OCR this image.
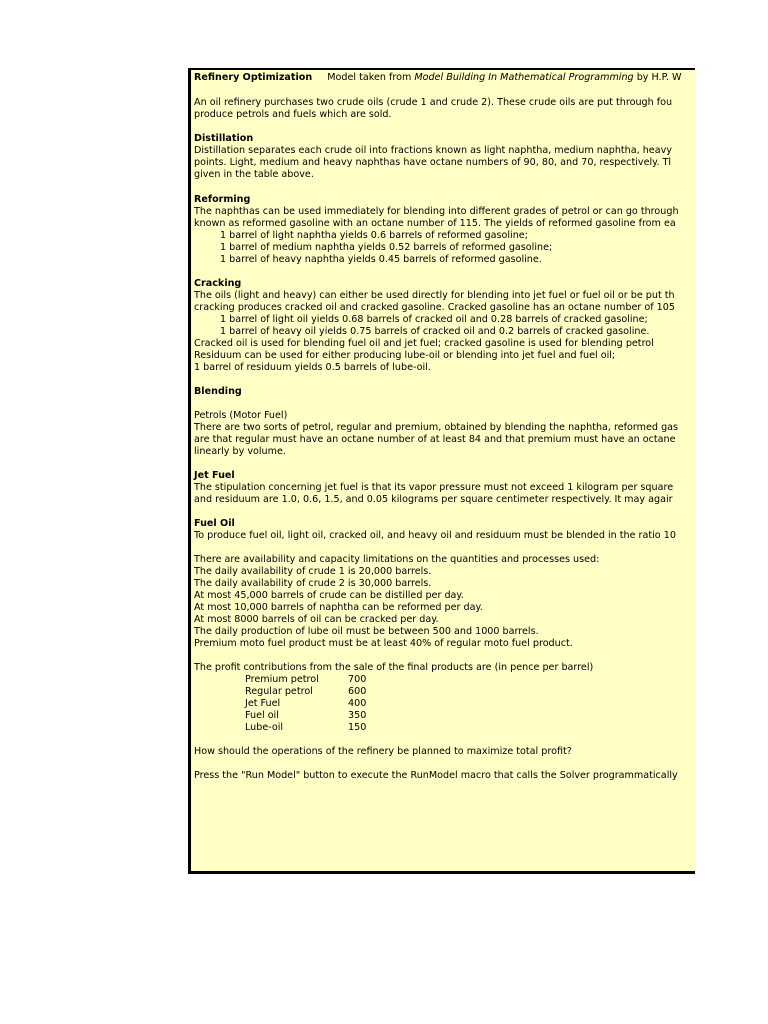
Refinery Optimization Model taken from Model Building In Mathematical Programming by H.P. W
An oil refinery purchases two crude oils (crude 1 and crude 2). These crude oils are put through fou
produce petrols and fuels which are sold.
Distillation
Distillation separates each crude oil into fractions known as light naphtha, medium naphtha, heavy
points. Light, medium and heavy naphthas have octane numbers of 90, 80, and 70, respectively. Tl
given in the table above.
Reforming
The naphthas can be used immediately for blending into different grades of petrol or can go through
known as reformed gasoline with an octane number of 115. The yields of reformed gasoline from ea
1 barrel of light naphtha yields 0.6 barrels of reformed gasoline;
1 barrel of medium naphtha yields 0.52 barrels of reformed gasoline;
1 barrel of heavy naphtha yields 0.45 barrels of reformed gasoline.
Cracking
The oils (light and heavy) can either be used directly for blending into jet fuel or fuel oil or be put th
cracking produces cracked oil and cracked gasoline. Cracked gasoline has an octane number of 105
1 barrel of light oil yields 0.68 barrels of cracked oil and 0.28 barrels of cracked gasoline;
1 barrel of heavy oil yields 0.75 barrels of cracked oil and 0.2 barrels of cracked gasoline.
Cracked oil is used for blending fuel oil and jet fuel; cracked gasoline is used for blending petrol
Residuum can be used for either producing lube-oil or blending into jet fuel and fuel oil;
1 barrel of residuum yields 0.5 barrels of lube-oil.
Blending
Petrols (Motor Fuel)
There are two sorts of petrol, regular and premium, obtained by blending the naphtha, reformed gas
are that regular must have an octane number of at least 84 and that premium must have an octane
linearly by volume.
Jet Fuel
The stipulation concerning jet fuel is that its vapor pressure must not exceed 1 kilogram per square
and residuum are 1.0, 0.6, 1.5, and 0.05 kilograms per square centimeter respectively. It may agair
Fuel Oil
To produce fuel oil, light oil, cracked oil, and heavy oil and residuum must be blended in the ratio 10
There are availability and capacity limitations on the quantities and processes used:
The daily availability of crude 1 is 20,000 barrels.
The daily availability of crude 2 is 30,000 barrels.
At most 45,000 barrels of crude can be distilled per day.
At most 10,000 barrels of naphtha can be reformed per day.
At most 8000 barrels of oil can be cracked per day.
The daily production of lube oil must be between 500 and 1000 barrels.
Premium moto fuel product must be at least 40% of regular moto fuel product.
The profit contributions from the sale of the final products are (in pence per barrel)
Premium petrol	700
Regular petrol	600
Jet Fuel	400
Fuel oil	350
Lube-oil	150
How should the operations of the refinery be planned to maximize total profit?
Press the "Run Model" button to execute the RunModel macro that calls the Solver programmatically
